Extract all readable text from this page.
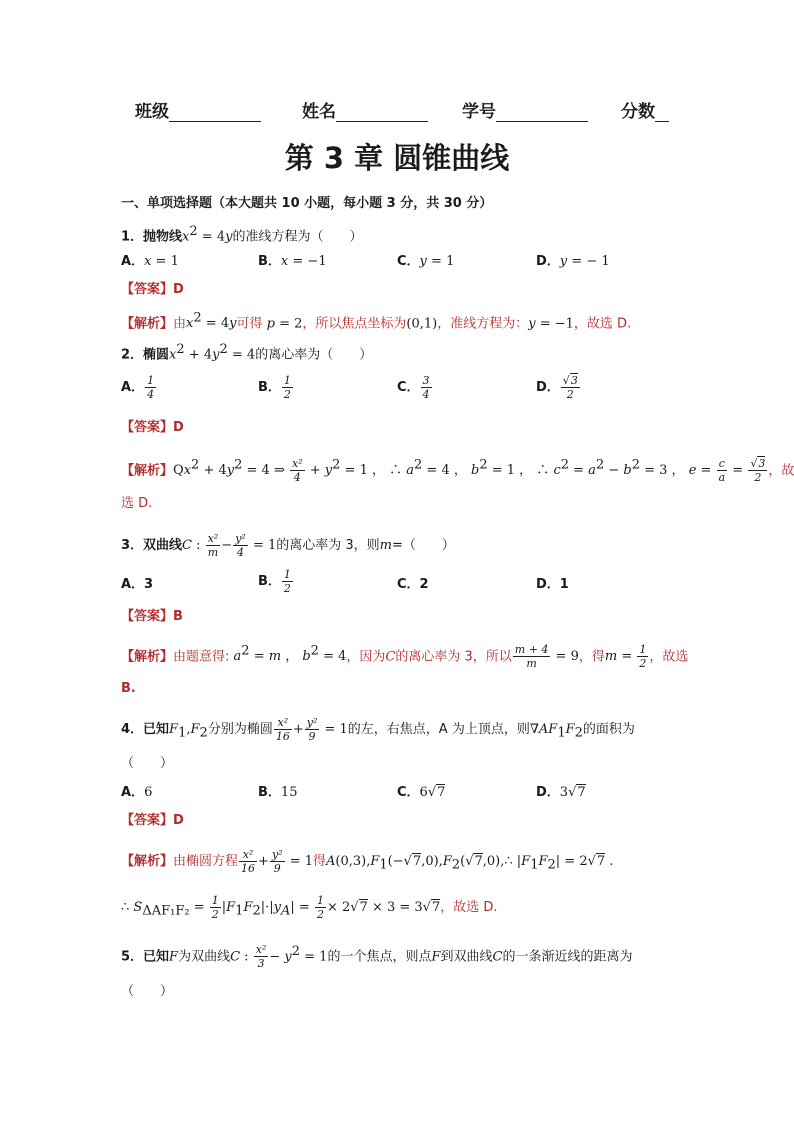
班级	姓名	学号	分数
第 3 章 圆锥曲线
一、单项选择题（本大题共 10 小题，每小题 3 分，共 30 分）
1．抛物线$x^2 = 4y$的准线方程为（　　）
A．x = 1	B．x = −1	C．y = 1	D．y = − 1
【答案】D
【解析】由$x^2 = 4y$可得 p = 2，所以焦点坐标为(0,1)，准线方程为：y = −1，故选 D.
2．椭圆$x^2 + 4y^2 = 4$的离心率为（　　）
A． $\frac{1}{4}$	B． $\frac{1}{2}$	C． $\frac{3}{4}$	D． $\frac{√3}{2}$
【答案】D
【解析】$Qx^2 + 4y^2 = 4$ ⇒ $\frac{\text{x²}}{4} + y^2 = 1$ ， ∴ $a^2 = 4$ ， $b^2 = 1$ ， ∴ $c^2 = a^2 - b^2 = 3$ ， $e = \frac{c}{a} = \frac{√3}{2}$ ，故
选 D.
3．双曲线C : $\frac{\text{x²}}{m} - \frac{\text{y²}}{4} = 1$的离心率为 3，则m=（　　）
A．3	B． $\frac{1}{2}$	C．2	D．1
【答案】B
【解析】由题意得: $a^2 = m$ ， $b^2 = 4$，因为C的离心率为 3，所以 $\frac{m + 4}{m} = 9$，得$m = \frac{1}{2}$ ，故选
B.
4．已知$F_1,F_2$分别为椭圆 $\frac{\text{x²}}{16} + \frac{\text{y²}}{9} = 1$的左，右焦点，A 为上顶点，则$\nabla AF_1F_2$的面积为
（　　）
A．6	B．15	C．6√7	D．3√7
【答案】D
【解析】由椭圆方程 $\frac{\text{x²}}{16} + \frac{\text{y²}}{9} = 1$得$A(0,3),F_1(-√7,0),F_2(√7,0),\therefore$ $|F_1F_2| = 2√7$ .
∴ $S_{\Delta AF_1F_2} = \frac{1}{2} |F_1F_2|\cdot|y_A| = \frac{1}{2} \times 2√7 \times 3 = 3√7$，故选 D.
5．已知F为双曲线C : $\frac{\text{x²}}{3} - y^2 = 1$的一个焦点，则点F到双曲线C的一条渐近线的距离为
（　　）
